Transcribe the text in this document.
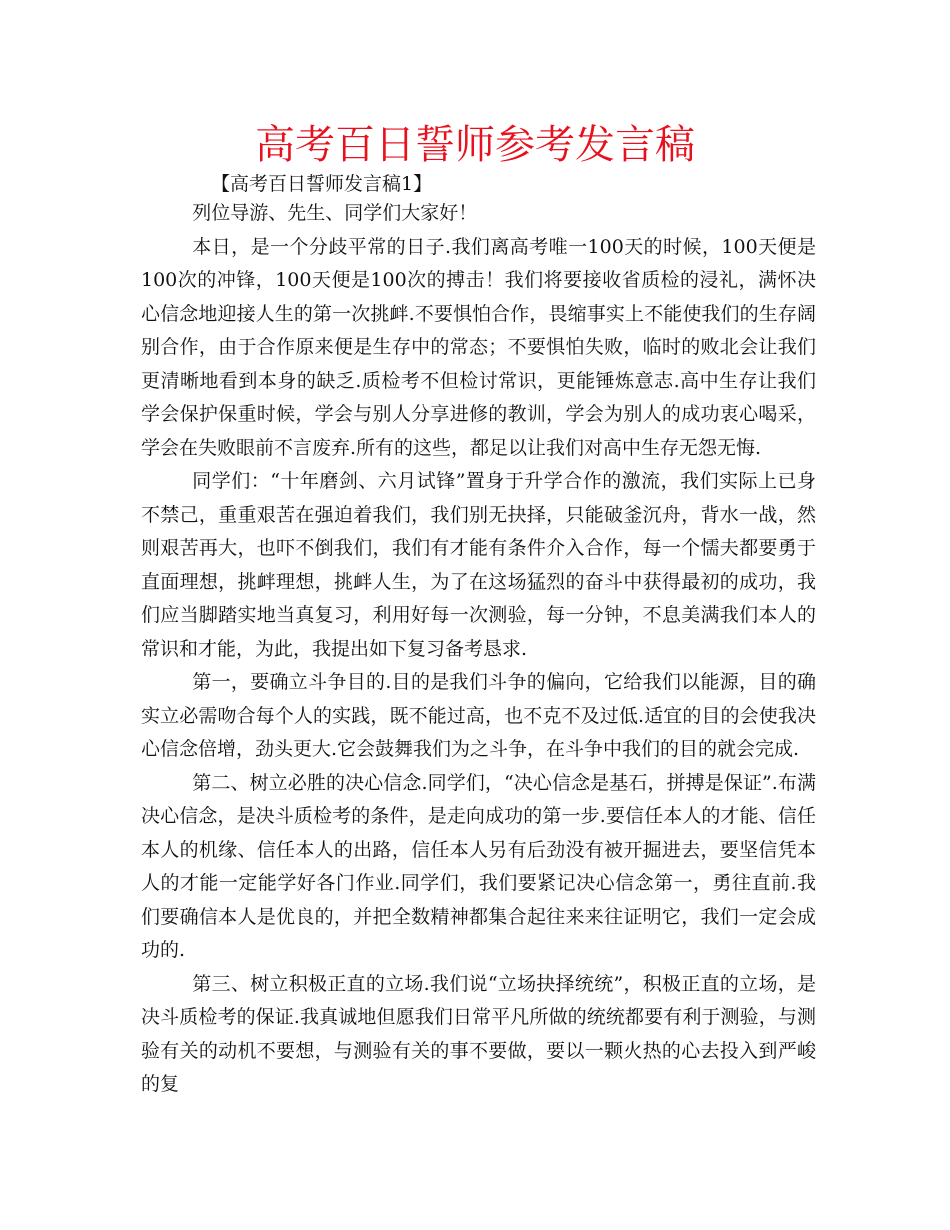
高考百日誓师参考发言稿
【高考百日誓师发言稿1】

列位导游、先生、同学们大家好！

本日，是一个分歧平常的日子.我们离高考唯一100天的时候，100天便是100次的冲锋，100天便是100次的搏击！我们将要接收省质检的浸礼，满怀决心信念地迎接人生的第一次挑衅.不要惧怕合作，畏缩事实上不能使我们的生存阔别合作，由于合作原来便是生存中的常态；不要惧怕失败，临时的败北会让我们更清晰地看到本身的缺乏.质检考不但检讨常识，更能锤炼意志.高中生存让我们学会保护保重时候，学会与别人分享进修的教训，学会为别人的成功衷心喝采，学会在失败眼前不言废弃.所有的这些，都足以让我们对高中生存无怨无悔.

同学们：“十年磨剑、六月试锋”置身于升学合作的激流，我们实际上已身不禁己，重重艰苦在强迫着我们，我们别无抉择，只能破釜沉舟，背水一战，然则艰苦再大，也吓不倒我们，我们有才能有条件介入合作，每一个懦夫都要勇于直面理想，挑衅理想，挑衅人生，为了在这场猛烈的奋斗中获得最初的成功，我们应当脚踏实地当真复习，利用好每一次测验，每一分钟，不息美满我们本人的常识和才能，为此，我提出如下复习备考恳求.

第一，要确立斗争目的.目的是我们斗争的偏向，它给我们以能源，目的确实立必需吻合每个人的实践，既不能过高，也不克不及过低.适宜的目的会使我决心信念倍增，劲头更大.它会鼓舞我们为之斗争，在斗争中我们的目的就会完成.

第二、树立必胜的决心信念.同学们，“决心信念是基石，拼搏是保证”.布满决心信念，是决斗质检考的条件，是走向成功的第一步.要信任本人的才能、信任本人的机缘、信任本人的出路，信任本人另有后劲没有被开掘进去，要坚信凭本人的才能一定能学好各门作业.同学们，我们要紧记决心信念第一，勇往直前.我们要确信本人是优良的，并把全数精神都集合起往来来往证明它，我们一定会成功的.

第三、树立积极正直的立场.我们说“立场抉择统统”，积极正直的立场，是决斗质检考的保证.我真诚地但愿我们日常平凡所做的统统都要有利于测验，与测验有关的动机不要想，与测验有关的事不要做，要以一颗火热的心去投入到严峻的复
